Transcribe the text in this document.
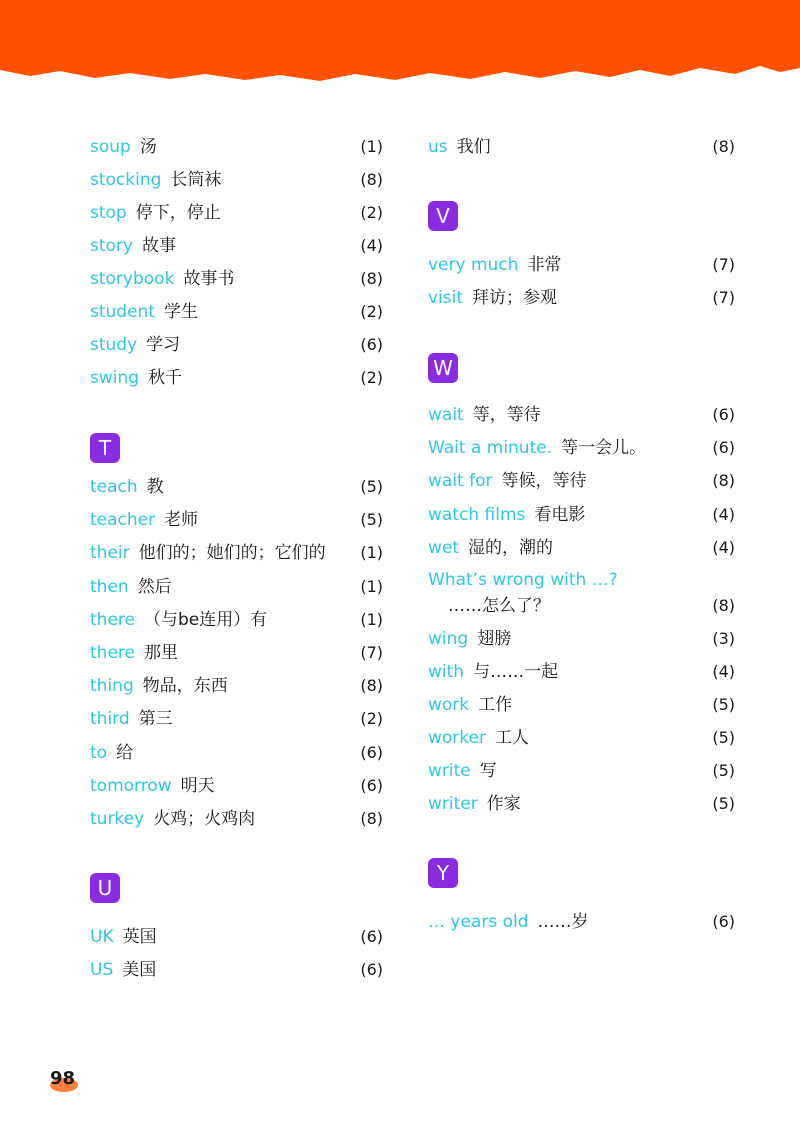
soup 汤	(1)
stocking 长筒袜	(8)
stop 停下，停止	(2)
story 故事	(4)
storybook 故事书	(8)
student 学生	(2)
study 学习	(6)
swing 秋千	(2)
T
teach 教	(5)
teacher 老师	(5)
their 他们的；她们的；它们的 (1)
then 然后	(1)
there （与be连用）有	(1)
there 那里	(7)
thing 物品，东西	(8)
third 第三	(2)
to 给	(6)
tomorrow 明天	(6)
turkey 火鸡；火鸡肉	(8)
U
UK 英国	(6)
US 美国	(6)
us 我们	(8)
V
very much 非常	(7)
visit 拜访；参观	(7)
W
wait 等，等待	(6)
Wait a minute. 等一会儿。	(6)
wait for 等候，等待	(8)
watch films 看电影	(4)
wet 湿的，潮的	(4)
What’s wrong with …?
……怎么了？	(8)
wing 翅膀	(3)
with 与……一起	(4)
work 工作	(5)
worker 工人	(5)
write 写	(5)
writer 作家	(5)
Y
… years old ……岁	(6)
98
